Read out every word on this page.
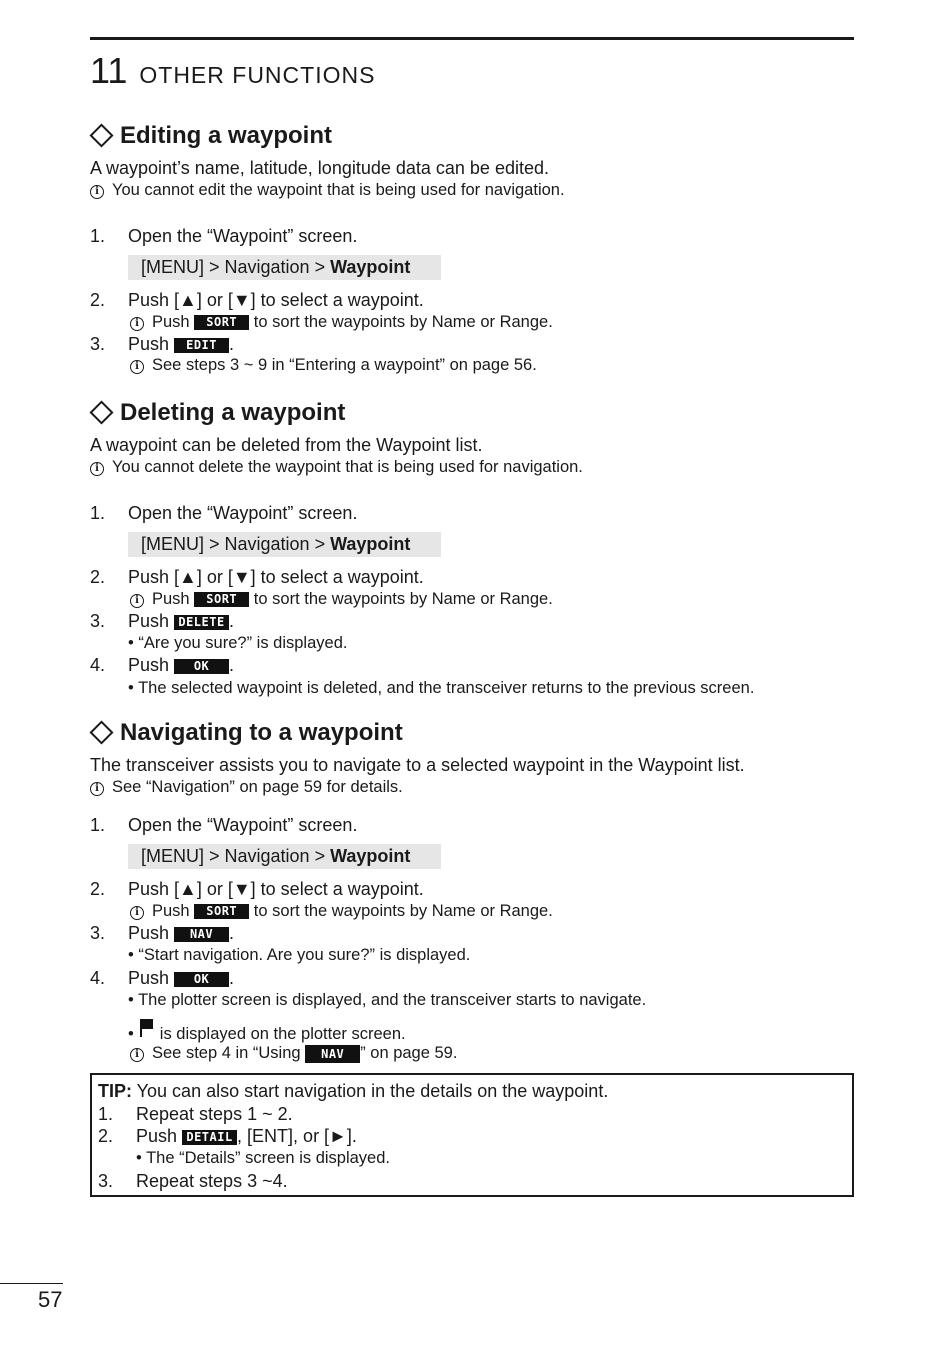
11 OTHER FUNCTIONS
Editing a waypoint
A waypoint’s name, latitude, longitude data can be edited.
i You cannot edit the waypoint that is being used for navigation.
1. Open the “Waypoint” screen.
[MENU] > Navigation > Waypoint
2. Push [▲] or [▼] to select a waypoint.
i Push SORT to sort the waypoints by Name or Range.
3. Push EDIT .
i See steps 3 ~ 9 in “Entering a waypoint” on page 56.
Deleting a waypoint
A waypoint can be deleted from the Waypoint list.
i You cannot delete the waypoint that is being used for navigation.
1. Open the “Waypoint” screen.
[MENU] > Navigation > Waypoint
2. Push [▲] or [▼] to select a waypoint.
i Push SORT to sort the waypoints by Name or Range.
3. Push DELETE .
• “Are you sure?” is displayed.
4. Push OK .
• The selected waypoint is deleted, and the transceiver returns to the previous screen.
Navigating to a waypoint
The transceiver assists you to navigate to a selected waypoint in the Waypoint list.
i See “Navigation” on page 59 for details.
1. Open the “Waypoint” screen.
[MENU] > Navigation > Waypoint
2. Push [▲] or [▼] to select a waypoint.
i Push SORT to sort the waypoints by Name or Range.
3. Push NAV .
• “Start navigation. Are you sure?” is displayed.
4. Push OK .
• The plotter screen is displayed, and the transceiver starts to navigate.
• is displayed on the plotter screen.
i See step 4 in “Using NAV ” on page 59.
TIP: You can also start navigation in the details on the waypoint.
1. Repeat steps 1 ~ 2.
2. Push DETAIL , [ENT], or [►].
• The “Details” screen is displayed.
3. Repeat steps 3 ~4.
57
